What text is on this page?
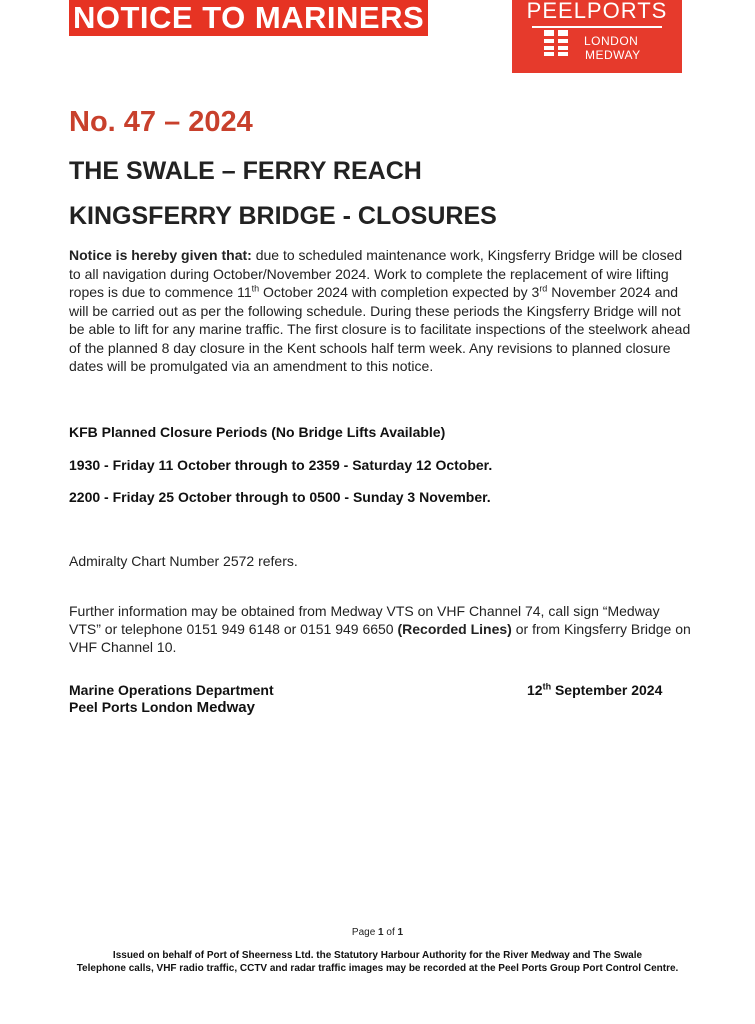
NOTICE TO MARINERS	PEELPORTS
LONDON
MEDWAY
No. 47 – 2024
THE SWALE – FERRY REACH
KINGSFERRY BRIDGE - CLOSURES
Notice is hereby given that: due to scheduled maintenance work, Kingsferry Bridge will be closed to all navigation during October/November 2024. Work to complete the replacement of wire lifting ropes is due to commence 11th October 2024 with completion expected by 3rd November 2024 and will be carried out as per the following schedule. During these periods the Kingsferry Bridge will not be able to lift for any marine traffic. The first closure is to facilitate inspections of the steelwork ahead of the planned 8 day closure in the Kent schools half term week. Any revisions to planned closure dates will be promulgated via an amendment to this notice.
KFB Planned Closure Periods (No Bridge Lifts Available)
1930 - Friday 11 October through to 2359 - Saturday 12 October.
2200 - Friday 25 October through to 0500 - Sunday 3 November.
Admiralty Chart Number 2572 refers.
Further information may be obtained from Medway VTS on VHF Channel 74, call sign “Medway VTS” or telephone 0151 949 6148 or 0151 949 6650 (Recorded Lines) or from Kingsferry Bridge on VHF Channel 10.
Marine Operations Department
Peel Ports London Medway
12th September 2024
Page 1 of 1
Issued on behalf of Port of Sheerness Ltd. the Statutory Harbour Authority for the River Medway and The Swale
Telephone calls, VHF radio traffic, CCTV and radar traffic images may be recorded at the Peel Ports Group Port Control Centre.
